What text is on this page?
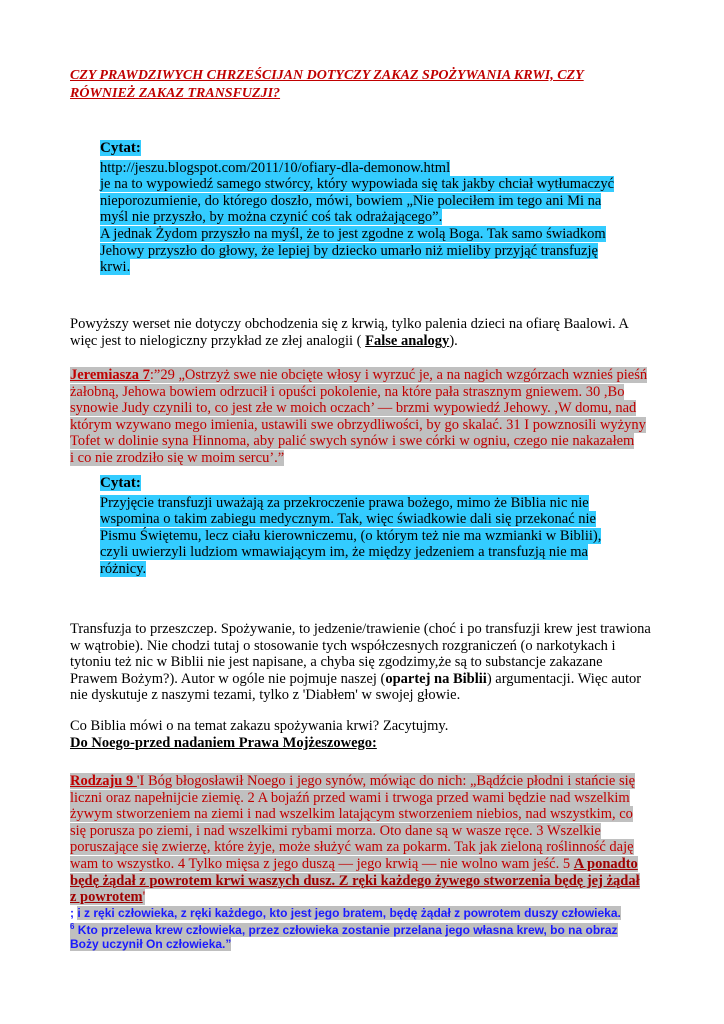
CZY PRAWDZIWYCH CHRZEŚCIJAN DOTYCZY ZAKAZ SPOŻYWANIA KRWI, CZY
RÓWNIEŻ ZAKAZ TRANSFUZJI?
Cytat:
http://jeszu.blogspot.com/2011/10/ofiary-dla-demonow.html
je na to wypowiedź samego stwórcy, który wypowiada się tak jakby chciał wytłumaczyć
nieporozumienie, do którego doszło, mówi, bowiem „Nie poleciłem im tego ani Mi na
myśl nie przyszło, by można czynić coś tak odrażającego”.
A jednak Żydom przyszło na myśl, że to jest zgodne z wolą Boga. Tak samo świadkom
Jehowy przyszło do głowy, że lepiej by dziecko umarło niż mieliby przyjąć transfuzję
krwi.
Powyższy werset nie dotyczy obchodzenia się z krwią, tylko palenia dzieci na ofiarę Baalowi. A
więc jest to nielogiczny przykład ze złej analogii ( False analogy).
Jeremiasza 7:”29 „Ostrzyż swe nie obcięte włosy i wyrzuć je, a na nagich wzgórzach wznieś pieśń
żałobną, Jehowa bowiem odrzucił i opuści pokolenie, na które pała strasznym gniewem. 30 ,Bo
synowie Judy czynili to, co jest złe w moich oczach’ — brzmi wypowiedź Jehowy. ,W domu, nad
którym wzywano mego imienia, ustawili swe obrzydliwości, by go skalać. 31 I powznosili wyżyny
Tofet w dolinie syna Hinnoma, aby palić swych synów i swe córki w ogniu, czego nie nakazałem
i co nie zrodziło się w moim sercu’.”
Cytat:
Przyjęcie transfuzji uważają za przekroczenie prawa bożego, mimo że Biblia nic nie
wspomina o takim zabiegu medycznym. Tak, więc świadkowie dali się przekonać nie
Pismu Świętemu, lecz ciału kierowniczemu, (o którym też nie ma wzmianki w Biblii),
czyli uwierzyli ludziom wmawiającym im, że między jedzeniem a transfuzją nie ma
różnicy.
Transfuzja to przeszczep. Spożywanie, to jedzenie/trawienie (choć i po transfuzji krew jest trawiona
w wątrobie). Nie chodzi tutaj o stosowanie tych współczesnych rozgraniczeń (o narkotykach i
tytoniu też nic w Biblii nie jest napisane, a chyba się zgodzimy,że są to substancje zakazane
Prawem Bożym?). Autor w ogóle nie pojmuje naszej (opartej na Biblii) argumentacji. Więc autor
nie dyskutuje z naszymi tezami, tylko z 'Diabłem' w swojej głowie.
Co Biblia mówi o na temat zakazu spożywania krwi? Zacytujmy.
Do Noego-przed nadaniem Prawa Mojżeszowego:
Rodzaju 9 'I Bóg błogosławił Noego i jego synów, mówiąc do nich: „Bądźcie płodni i stańcie się
liczni oraz napełnijcie ziemię. 2 A bojaźń przed wami i trwoga przed wami będzie nad wszelkim
żywym stworzeniem na ziemi i nad wszelkim latającym stworzeniem niebios, nad wszystkim, co
się porusza po ziemi, i nad wszelkimi rybami morza. Oto dane są w wasze ręce. 3 Wszelkie
poruszające się zwierzę, które żyje, może służyć wam za pokarm. Tak jak zieloną roślinność daję
wam to wszystko. 4 Tylko mięsa z jego duszą — jego krwią — nie wolno wam jeść. 5 A ponadto
będę żądał z powrotem krwi waszych dusz. Z ręki każdego żywego stworzenia będę jej żądał
z powrotem'
; i z ręki człowieka, z ręki każdego, kto jest jego bratem, będę żądał z powrotem duszy człowieka.
$^6$ Kto przelewa krew człowieka, przez człowieka zostanie przelana jego własna krew, bo na obraz
Boży uczynił On człowieka.”
